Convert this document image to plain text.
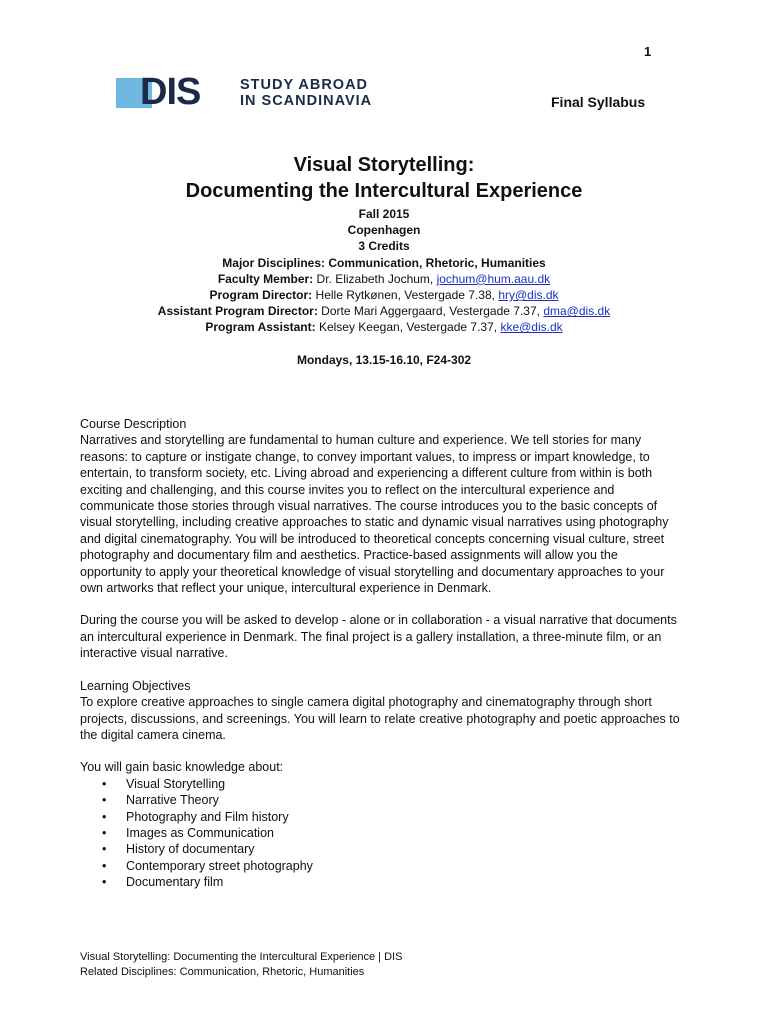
1
DIS	STUDY ABROAD
IN SCANDINAVIA	Final Syllabus
Visual Storytelling:
Documenting the Intercultural Experience
Fall 2015
Copenhagen
3 Credits
Major Disciplines: Communication, Rhetoric, Humanities
Faculty Member: Dr. Elizabeth Jochum, jochum@hum.aau.dk
Program Director: Helle Rytkønen, Vestergade 7.38, hry@dis.dk
Assistant Program Director: Dorte Mari Aggergaard, Vestergade 7.37, dma@dis.dk
Program Assistant: Kelsey Keegan, Vestergade 7.37, kke@dis.dk
Mondays, 13.15-16.10, F24-302

Course Description

Narratives and storytelling are fundamental to human culture and experience. We tell stories for many reasons: to capture or instigate change, to convey important values, to impress or impart knowledge, to entertain, to transform society, etc. Living abroad and experiencing a different culture from within is both exciting and challenging, and this course invites you to reflect on the intercultural experience and communicate those stories through visual narratives. The course introduces you to the basic concepts of visual storytelling, including creative approaches to static and dynamic visual narratives using photography and digital cinematography. You will be introduced to theoretical concepts concerning visual culture, street photography and documentary film and aesthetics. Practice-based assignments will allow you the opportunity to apply your theoretical knowledge of visual storytelling and documentary approaches to your own artworks that reflect your unique, intercultural experience in Denmark.

During the course you will be asked to develop - alone or in collaboration - a visual narrative that documents an intercultural experience in Denmark. The final project is a gallery installation, a three-minute film, or an interactive visual narrative.

Learning Objectives

To explore creative approaches to single camera digital photography and cinematography through short projects, discussions, and screenings. You will learn to relate creative photography and poetic approaches to the digital camera cinema.

You will gain basic knowledge about:

• Visual Storytelling
• Narrative Theory
• Photography and Film history
• Images as Communication
• History of documentary
• Contemporary street photography
• Documentary film
Visual Storytelling: Documenting the Intercultural Experience | DIS
Related Disciplines: Communication, Rhetoric, Humanities
